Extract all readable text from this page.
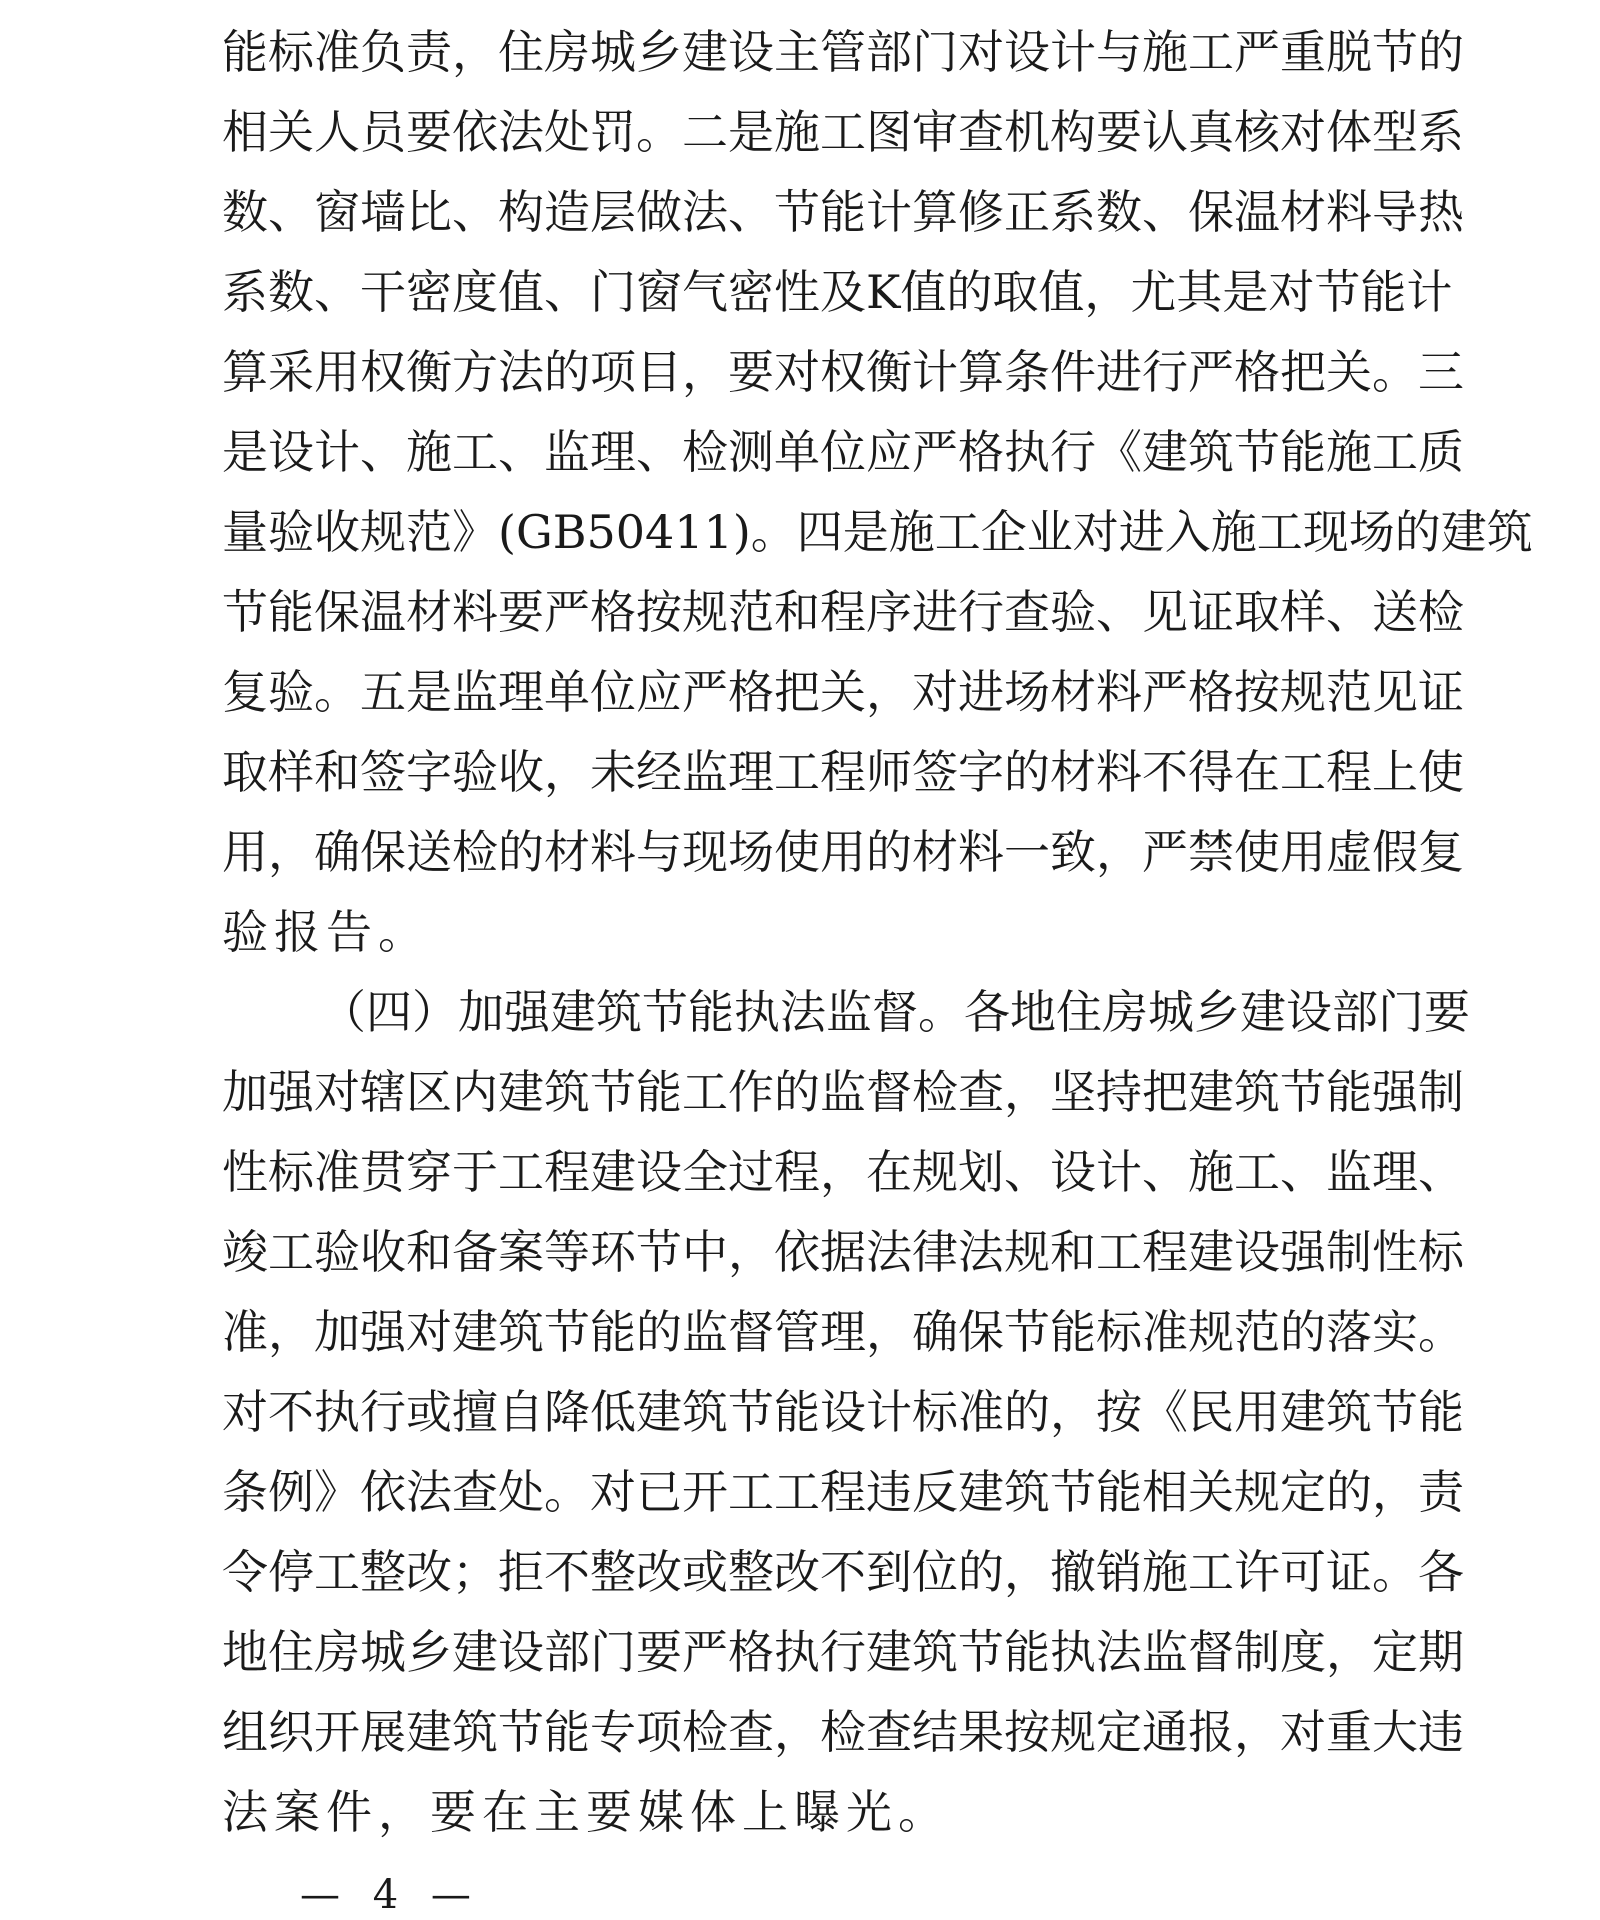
能标准负责，住房城乡建设主管部门对设计与施工严重脱节的

相关人员要依法处罚。二是施工图审查机构要认真核对体型系

数、窗墙比、构造层做法、节能计算修正系数、保温材料导热

系数、干密度值、门窗气密性及K值的取值，尤其是对节能计

算采用权衡方法的项目，要对权衡计算条件进行严格把关。三

是设计、施工、监理、检测单位应严格执行《建筑节能施工质

量验收规范》(GB50411)。四是施工企业对进入施工现场的建筑

节能保温材料要严格按规范和程序进行查验、见证取样、送检

复验。五是监理单位应严格把关，对进场材料严格按规范见证

取样和签字验收，未经监理工程师签字的材料不得在工程上使

用，确保送检的材料与现场使用的材料一致，严禁使用虚假复

验报告。

（四）加强建筑节能执法监督。各地住房城乡建设部门要

加强对辖区内建筑节能工作的监督检查，坚持把建筑节能强制

性标准贯穿于工程建设全过程，在规划、设计、施工、监理、

竣工验收和备案等环节中，依据法律法规和工程建设强制性标

准，加强对建筑节能的监督管理，确保节能标准规范的落实。

对不执行或擅自降低建筑节能设计标准的，按《民用建筑节能

条例》依法查处。对已开工工程违反建筑节能相关规定的，责

令停工整改；拒不整改或整改不到位的，撤销施工许可证。各

地住房城乡建设部门要严格执行建筑节能执法监督制度，定期

组织开展建筑节能专项检查，检查结果按规定通报，对重大违

法案件，要在主要媒体上曝光。

— 4 —
